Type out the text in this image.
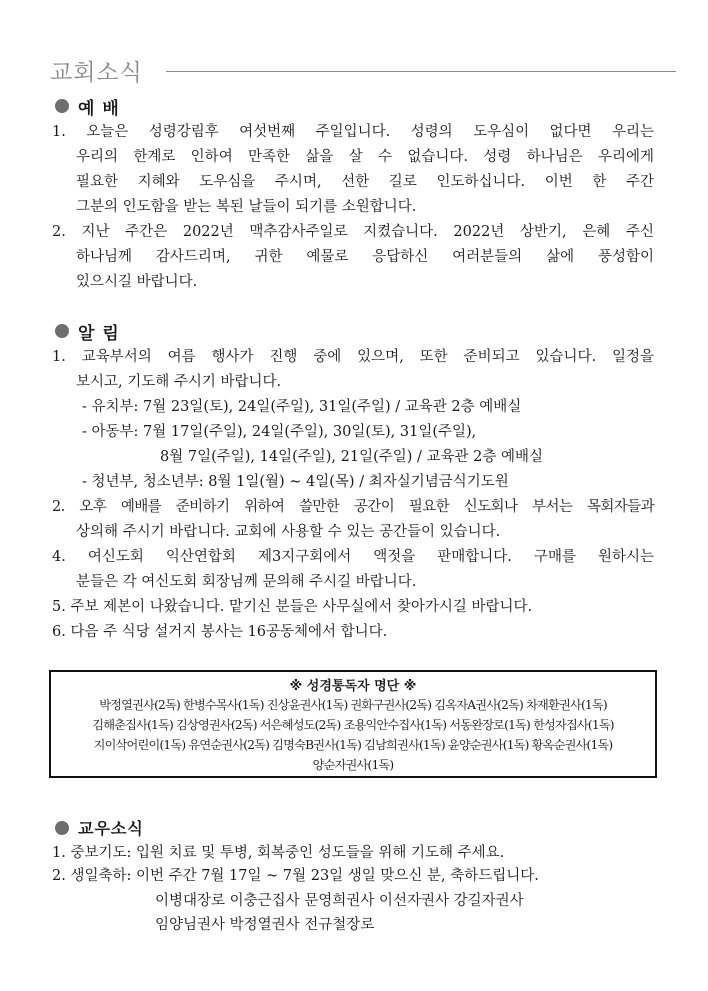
교회소식
예 배
1. 오늘은 성령강림후 여섯번째 주일입니다. 성령의 도우심이 없다면 우리는
우리의 한계로 인하여 만족한 삶을 살 수 없습니다. 성령 하나님은 우리에게
필요한 지혜와 도우심을 주시며, 선한 길로 인도하십니다. 이번 한 주간
그분의 인도함을 받는 복된 날들이 되기를 소원합니다.
2. 지난 주간은 2022년 맥추감사주일로 지켰습니다. 2022년 상반기, 은혜 주신
하나님께 감사드리며, 귀한 예물로 응답하신 여러분들의 삶에 풍성함이
있으시길 바랍니다.
알 림
1. 교육부서의 여름 행사가 진행 중에 있으며, 또한 준비되고 있습니다. 일정을
보시고, 기도해 주시기 바랍니다.
- 유치부: 7월 23일(토), 24일(주일), 31일(주일) / 교육관 2층 예배실
- 아동부: 7월 17일(주일), 24일(주일), 30일(토), 31일(주일),
8월 7일(주일), 14일(주일), 21일(주일) / 교육관 2층 예배실
- 청년부, 청소년부: 8월 1일(월) ~ 4일(목) / 최자실기념금식기도원
2. 오후 예배를 준비하기 위하여 쓸만한 공간이 필요한 신도회나 부서는 목회자들과
상의해 주시기 바랍니다. 교회에 사용할 수 있는 공간들이 있습니다.
4. 여신도회 익산연합회 제3지구회에서 액젓을 판매합니다. 구매를 원하시는
분들은 각 여신도회 회장님께 문의해 주시길 바랍니다.
5. 주보 제본이 나왔습니다. 맡기신 분들은 사무실에서 찾아가시길 바랍니다.
6. 다음 주 식당 설거지 봉사는 16공동체에서 합니다.
※ 성경통독자 명단 ※
박정열권사(2독) 한병수목사(1독) 진상윤권사(1독) 권화구권사(2독) 김옥자A권사(2독) 차재환권사(1독)
김해춘집사(1독) 김상영권사(2독) 서은혜성도(2독) 조용익안수집사(1독) 서동완장로(1독) 한성자집사(1독)
지이삭어린이(1독) 유연순권사(2독) 김명숙B권사(1독) 김남희권사(1독) 윤양순권사(1독) 황옥순권사(1독)
양순자권사(1독)
교우소식
1. 중보기도: 입원 치료 및 투병, 회복중인 성도들을 위해 기도해 주세요.
2. 생일축하: 이번 주간 7월 17일 ~ 7월 23일 생일 맞으신 분, 축하드립니다.
이병대장로 이충근집사 문영희권사 이선자권사 강길자권사
임양님권사 박정열권사 전규철장로
